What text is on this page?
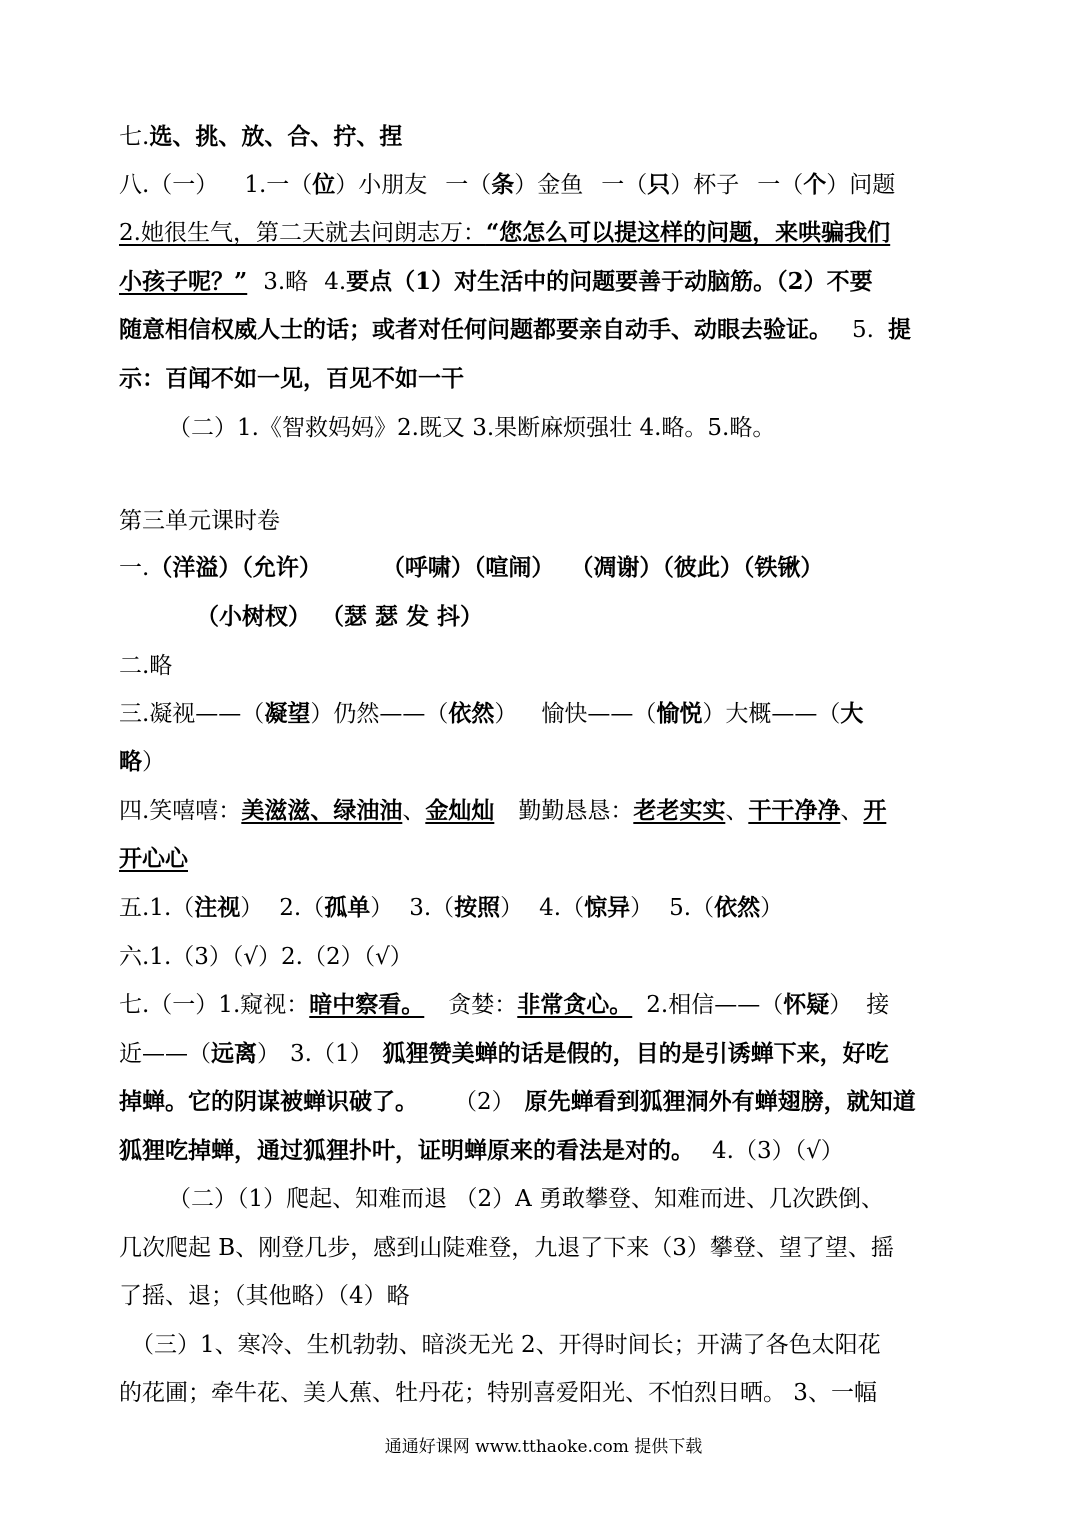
七.选、挑、放、合、拧、捏
八.（一） 1.一（位）小朋友 一（条）金鱼 一（只）杯子 一（个）问题
2.她很生气，第二天就去问朗志万：“您怎么可以提这样的问题，来哄骗我们
小孩子呢？” 3.略 4.要点（1）对生活中的问题要善于动脑筋。（2）不要
随意相信权威人士的话；或者对任何问题都要亲自动手、动眼去验证。 5. 提
示：百闻不如一见，百见不如一干
（二）1.《智救妈妈》2.既又 3.果断麻烦强壮 4.略。5.略。
第三单元课时卷
一.（洋溢）（允许）	（呼啸）（喧闹） （凋谢）（彼此）（铁锹）
（小树杈） （瑟 瑟 发 抖）
二.略
三.凝视——（凝望）仍然——（依然） 愉快——（愉悦）大概——（大
略）
四.笑嘻嘻：美滋滋、绿油油、金灿灿 勤勤恳恳：老老实实、干干净净、开
开心心
五.1.（注视） 2.（孤单） 3.（按照） 4.（惊异） 5.（依然）
六.1.（3）（√）2.（2）（√）
七.（一）1.窥视：暗中察看。 贪婪：非常贪心。 2.相信——（怀疑） 接
近——（远离） 3.（1） 狐狸赞美蝉的话是假的，目的是引诱蝉下来，好吃
掉蝉。它的阴谋被蝉识破了。 （2） 原先蝉看到狐狸洞外有蝉翅膀，就知道
狐狸吃掉蝉，通过狐狸扑叶，证明蝉原来的看法是对的。 4.（3）（√）
（二）（1）爬起、知难而退 （2）A 勇敢攀登、知难而进、几次跌倒、
几次爬起 B、刚登几步，感到山陡难登，九退了下来（3）攀登、望了望、摇
了摇、退；（其他略）（4）略
（三）1、寒冷、生机勃勃、暗淡无光 2、开得时间长；开满了各色太阳花
的花圃；牵牛花、美人蕉、牡丹花；特别喜爱阳光、不怕烈日晒。 3、一幅
通通好课网 www.tthaoke.com 提供下载
